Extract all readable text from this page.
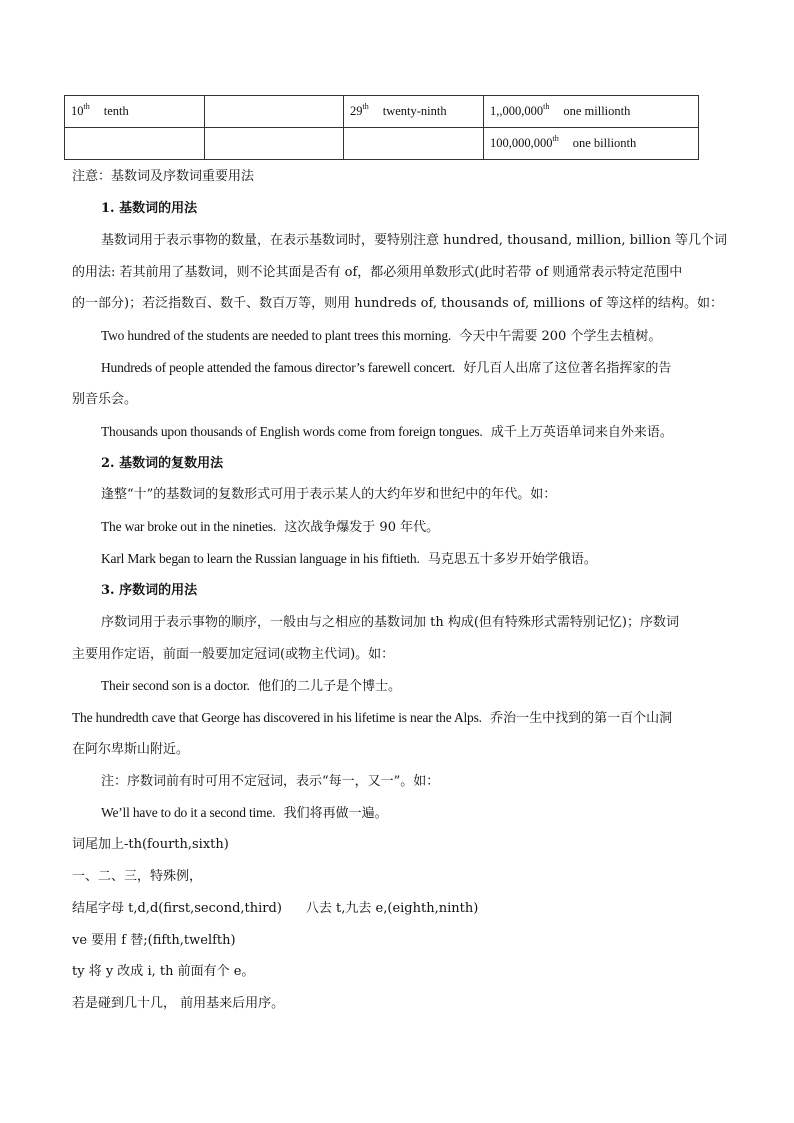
10th tenth		29th twenty-ninth	1,,000,000th one millionth
			100,000,000th one billionth
注意：基数词及序数词重要用法
1. 基数词的用法
基数词用于表示事物的数量，在表示基数词时，要特别注意 hundred, thousand, million, billion 等几个词
的用法: 若其前用了基数词，则不论其面是否有 of，都必须用单数形式(此时若带 of 则通常表示特定范围中
的一部分)；若泛指数百、数千、数百万等，则用 hundreds of, thousands of, millions of 等这样的结构。如：
Two hundred of the students are needed to plant trees this morning. 今天中午需要 200 个学生去植树。
Hundreds of people attended the famous director’s farewell concert. 好几百人出席了这位著名指挥家的告
别音乐会。
Thousands upon thousands of English words come from foreign tongues. 成千上万英语单词来自外来语。
2. 基数词的复数用法
逢整“十”的基数词的复数形式可用于表示某人的大约年岁和世纪中的年代。如：
The war broke out in the nineties. 这次战争爆发于 90 年代。
Karl Mark began to learn the Russian language in his fiftieth. 马克思五十多岁开始学俄语。
3. 序数词的用法
序数词用于表示事物的顺序，一般由与之相应的基数词加 th 构成(但有特殊形式需特别记忆)；序数词
主要用作定语，前面一般要加定冠词(或物主代词)。如：
Their second son is a doctor. 他们的二儿子是个博士。
The hundredth cave that George has discovered in his lifetime is near the Alps. 乔治一生中找到的第一百个山洞
在阿尔卑斯山附近。
注：序数词前有时可用不定冠词，表示“每一，又一”。如：
We’ll have to do it a second time. 我们将再做一遍。
词尾加上-th(fourth,sixth)
一、二、三，特殊例，
结尾字母 t,d,d(first,second,third) 八去 t,九去 e,(eighth,ninth)
ve 要用 f 替;(fifth,twelfth)
ty 将 y 改成 i, th 前面有个 e。
若是碰到几十几， 前用基来后用序。
